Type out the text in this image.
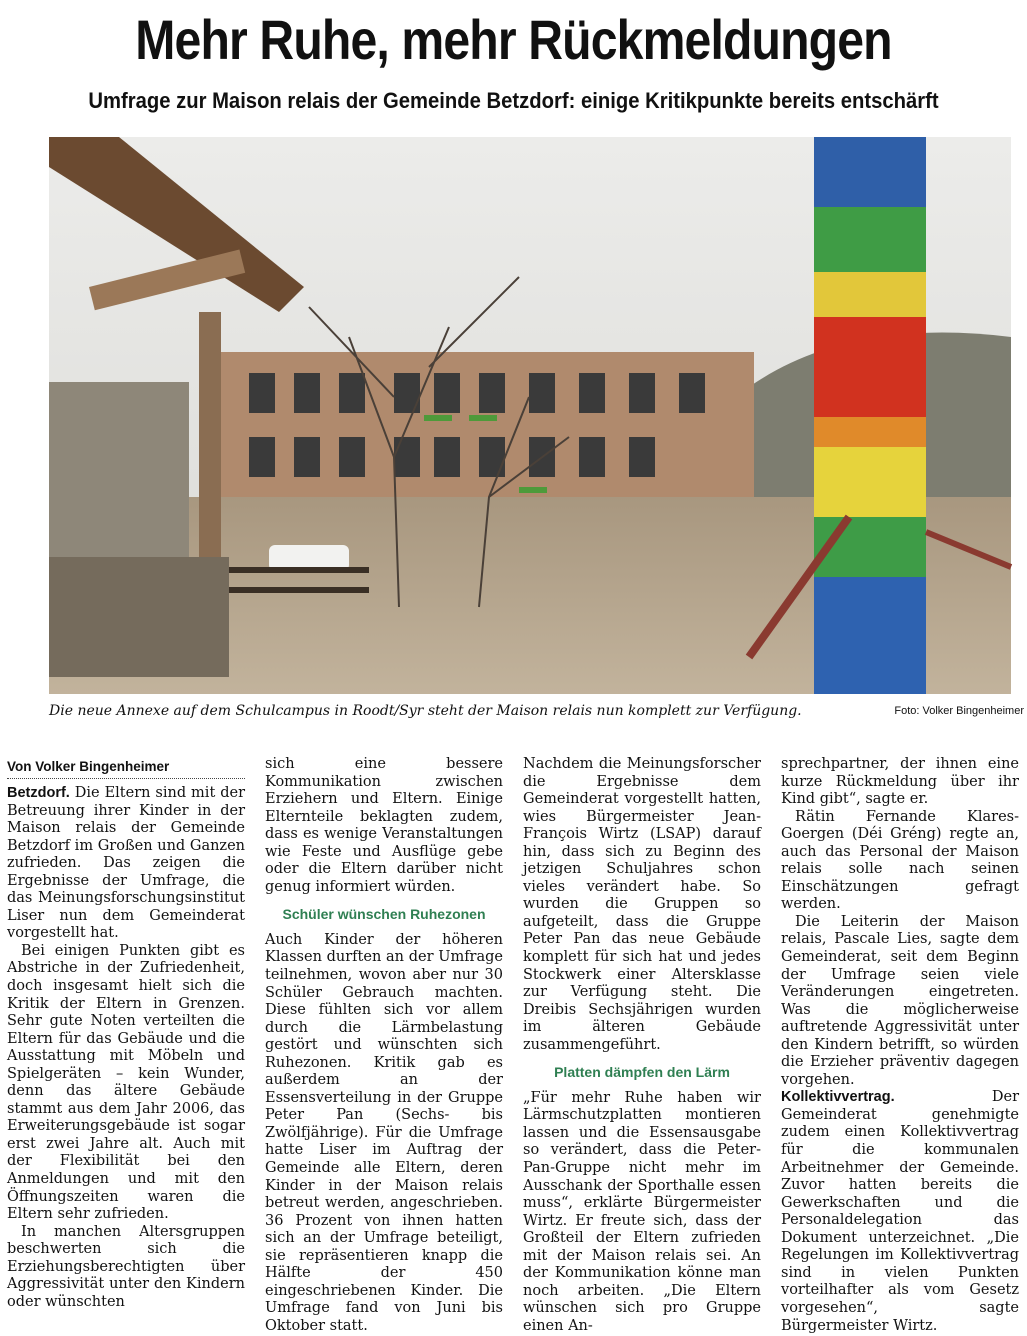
Mehr Ruhe, mehr Rückmeldungen
Umfrage zur Maison relais der Gemeinde Betzdorf: einige Kritikpunkte bereits entschärft
Die neue Annexe auf dem Schulcampus in Roodt/Syr steht der Maison relais nun komplett zur Verfügung.	Foto: Volker Bingenheimer
Von Volker Bingenheimer

Betzdorf. Die Eltern sind mit der Betreuung ihrer Kinder in der Maison relais der Gemeinde Betzdorf im Großen und Ganzen zufrieden. Das zeigen die Ergebnisse der Umfrage, die das Meinungsforschungsinstitut Liser nun dem Gemeinderat vorgestellt hat.

Bei einigen Punkten gibt es Abstriche in der Zufriedenheit, doch insgesamt hielt sich die Kritik der Eltern in Grenzen. Sehr gute Noten verteilten die Eltern für das Gebäude und die Ausstattung mit Möbeln und Spielgeräten – kein Wunder, denn das ältere Gebäude stammt aus dem Jahr 2006, das Erweiterungsgebäude ist sogar erst zwei Jahre alt. Auch mit der Flexibilität bei den Anmeldungen und mit den Öffnungszeiten waren die Eltern sehr zufrieden.

In manchen Altersgruppen beschwerten sich die Erziehungsberechtigten über Aggressivität unter den Kindern oder wünschten

sich eine bessere Kommunikation zwischen Erziehern und Eltern. Einige Elternteile beklagten zudem, dass es wenige Veranstaltungen wie Feste und Ausflüge gebe oder die Eltern darüber nicht genug informiert würden.

Schüler wünschen Ruhezonen

Auch Kinder der höheren Klassen durften an der Umfrage teilnehmen, wovon aber nur 30 Schüler Gebrauch machten. Diese fühlten sich vor allem durch die Lärmbelastung gestört und wünschten sich Ruhezonen. Kritik gab es außerdem an der Essensverteilung in der Gruppe Peter Pan (Sechs- bis Zwölfjährige). Für die Umfrage hatte Liser im Auftrag der Gemeinde alle Eltern, deren Kinder in der Maison relais betreut werden, angeschrieben. 36 Prozent von ihnen hatten sich an der Umfrage beteiligt, sie repräsentieren knapp die Hälfte der 450 eingeschriebenen Kinder. Die Umfrage fand von Juni bis Oktober statt.

Nachdem die Meinungsforscher die Ergebnisse dem Gemeinderat vorgestellt hatten, wies Bürgermeister Jean-François Wirtz (LSAP) darauf hin, dass sich zu Beginn des jetzigen Schuljahres schon vieles verändert habe. So wurden die Gruppen so aufgeteilt, dass die Gruppe Peter Pan das neue Gebäude komplett für sich hat und jedes Stockwerk einer Altersklasse zur Verfügung steht. Die Dreibis Sechsjährigen wurden im älteren Gebäude zusammengeführt.

Platten dämpfen den Lärm

„Für mehr Ruhe haben wir Lärmschutzplatten montieren lassen und die Essensausgabe so verändert, dass die Peter-Pan-Gruppe nicht mehr im Ausschank der Sporthalle essen muss“, erklärte Bürgermeister Wirtz. Er freute sich, dass der Großteil der Eltern zufrieden mit der Maison relais sei. An der Kommunikation könne man noch arbeiten. „Die Eltern wünschen sich pro Gruppe einen An-

sprechpartner, der ihnen eine kurze Rückmeldung über ihr Kind gibt“, sagte er.

Rätin Fernande Klares-Goergen (Déi Gréng) regte an, auch das Personal der Maison relais solle nach seinen Einschätzungen gefragt werden.

Die Leiterin der Maison relais, Pascale Lies, sagte dem Gemeinderat, seit dem Beginn der Umfrage seien viele Veränderungen eingetreten. Was die möglicherweise auftretende Aggressivität unter den Kindern betrifft, so würden die Erzieher präventiv dagegen vorgehen.

Kollektivvertrag.	Der Gemeinderat genehmigte zudem einen Kollektivvertrag für die kommunalen Arbeitnehmer der Gemeinde. Zuvor hatten bereits die Gewerkschaften und die Personaldelegation das Dokument unterzeichnet. „Die Regelungen im Kollektivvertrag sind in vielen Punkten vorteilhafter als vom Gesetz vorgesehen“, sagte Bürgermeister Wirtz.
